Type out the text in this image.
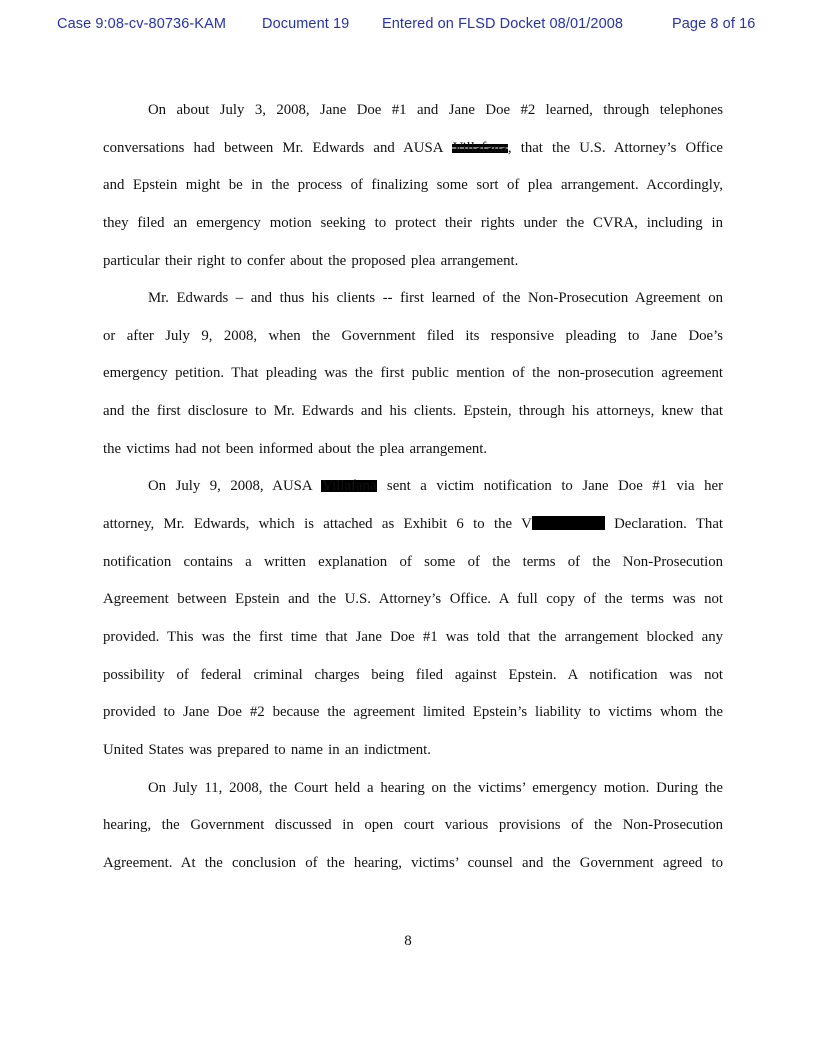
Case 9:08-cv-80736-KAM Document 19 Entered on FLSD Docket 08/01/2008	Page 8 of 16
On about July 3, 2008, Jane Doe #1 and Jane Doe #2 learned, through telephones
conversations had between Mr. Edwards and AUSA Villafana, that the U.S. Attorney’s Office
and Epstein might be in the process of finalizing some sort of plea arrangement. Accordingly,
they filed an emergency motion seeking to protect their rights under the CVRA, including in
particular their right to confer about the proposed plea arrangement.
Mr. Edwards – and thus his clients -- first learned of the Non-Prosecution Agreement on
or after July 9, 2008, when the Government filed its responsive pleading to Jane Doe’s
emergency petition. That pleading was the first public mention of the non-prosecution agreement
and the first disclosure to Mr. Edwards and his clients. Epstein, through his attorneys, knew that
the victims had not been informed about the plea arrangement.
On July 9, 2008, AUSA Villafana sent a victim notification to Jane Doe #1 via her
attorney, Mr. Edwards, which is attached as Exhibit 6 to the V	Declaration. That
notification contains a written explanation of some of the terms of the Non-Prosecution
Agreement between Epstein and the U.S. Attorney’s Office. A full copy of the terms was not
provided. This was the first time that Jane Doe #1 was told that the arrangement blocked any
possibility of federal criminal charges being filed against Epstein. A notification was not
provided to Jane Doe #2 because the agreement limited Epstein’s liability to victims whom the
United States was prepared to name in an indictment.
On July 11, 2008, the Court held a hearing on the victims’ emergency motion. During the
hearing, the Government discussed in open court various provisions of the Non-Prosecution
Agreement. At the conclusion of the hearing, victims’ counsel and the Government agreed to
8
